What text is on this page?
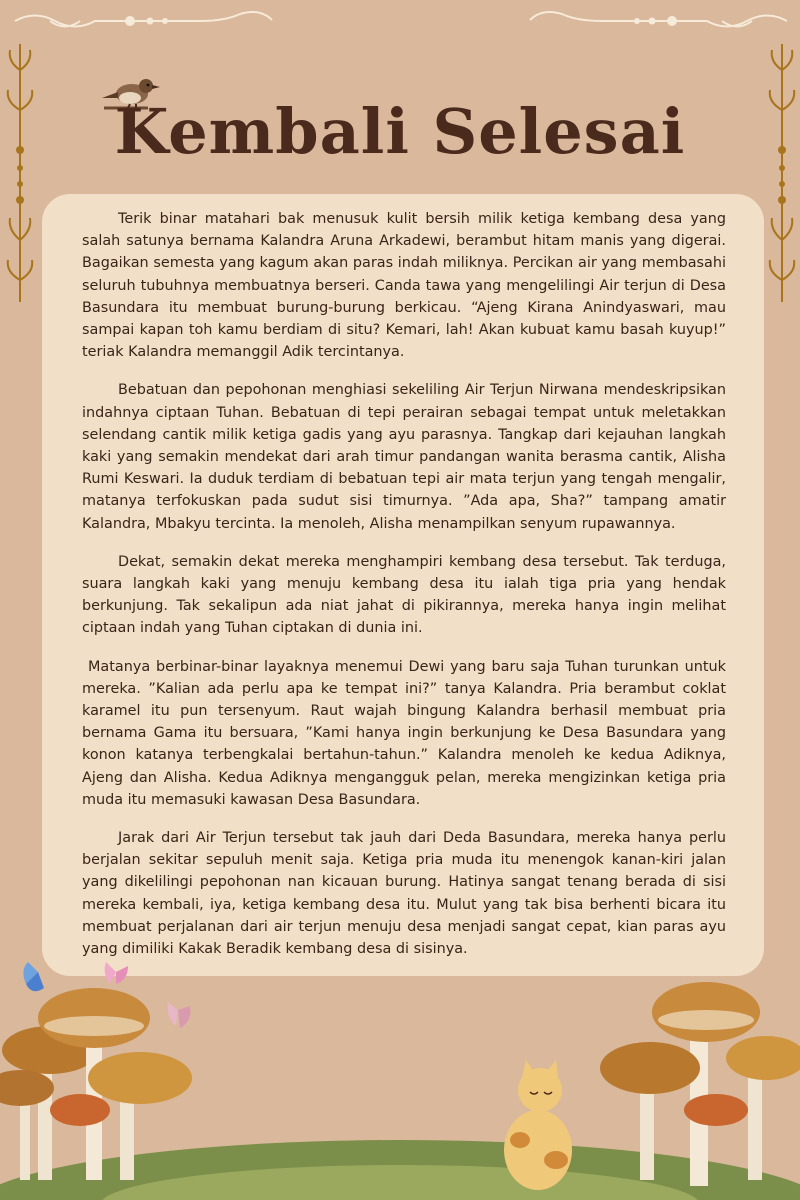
Kembali Selesai

Terik binar matahari bak menusuk kulit bersih milik ketiga kembang desa yang salah satunya bernama Kalandra Aruna Arkadewi, berambut hitam manis yang digerai. Bagaikan semesta yang kagum akan paras indah miliknya. Percikan air yang membasahi seluruh tubuhnya membuatnya berseri. Canda tawa yang mengelilingi Air terjun di Desa Basundara itu membuat burung-burung berkicau. “Ajeng Kirana Anindyaswari, mau sampai kapan toh kamu berdiam di situ? Kemari, lah! Akan kubuat kamu basah kuyup!” teriak Kalandra memanggil Adik tercintanya.

Bebatuan dan pepohonan menghiasi sekeliling Air Terjun Nirwana mendeskripsikan indahnya ciptaan Tuhan. Bebatuan di tepi perairan sebagai tempat untuk meletakkan selendang cantik milik ketiga gadis yang ayu parasnya. Tangkap dari kejauhan langkah kaki yang semakin mendekat dari arah timur pandangan wanita berasma cantik, Alisha Rumi Keswari. Ia duduk terdiam di bebatuan tepi air mata terjun yang tengah mengalir, matanya terfokuskan pada sudut sisi timurnya. ”Ada apa, Sha?” tampang amatir Kalandra, Mbakyu tercinta. Ia menoleh, Alisha menampilkan senyum rupawannya.

Dekat, semakin dekat mereka menghampiri kembang desa tersebut. Tak terduga, suara langkah kaki yang menuju kembang desa itu ialah tiga pria yang hendak berkunjung. Tak sekalipun ada niat jahat di pikirannya, mereka hanya ingin melihat ciptaan indah yang Tuhan ciptakan di dunia ini.

Matanya berbinar-binar layaknya menemui Dewi yang baru saja Tuhan turunkan untuk mereka. ”Kalian ada perlu apa ke tempat ini?” tanya Kalandra. Pria berambut coklat karamel itu pun tersenyum. Raut wajah bingung Kalandra berhasil membuat pria bernama Gama itu bersuara, ”Kami hanya ingin berkunjung ke Desa Basundara yang konon katanya terbengkalai bertahun-tahun.” Kalandra menoleh ke kedua Adiknya, Ajeng dan Alisha. Kedua Adiknya mengangguk pelan, mereka mengizinkan ketiga pria muda itu memasuki kawasan Desa Basundara.

Jarak dari Air Terjun tersebut tak jauh dari Deda Basundara, mereka hanya perlu berjalan sekitar sepuluh menit saja. Ketiga pria muda itu menengok kanan-kiri jalan yang dikelilingi pepohonan nan kicauan burung. Hatinya sangat tenang berada di sisi mereka kembali, iya, ketiga kembang desa itu. Mulut yang tak bisa berhenti bicara itu membuat perjalanan dari air terjun menuju desa menjadi sangat cepat, kian paras ayu yang dimiliki Kakak Beradik kembang desa di sisinya.
